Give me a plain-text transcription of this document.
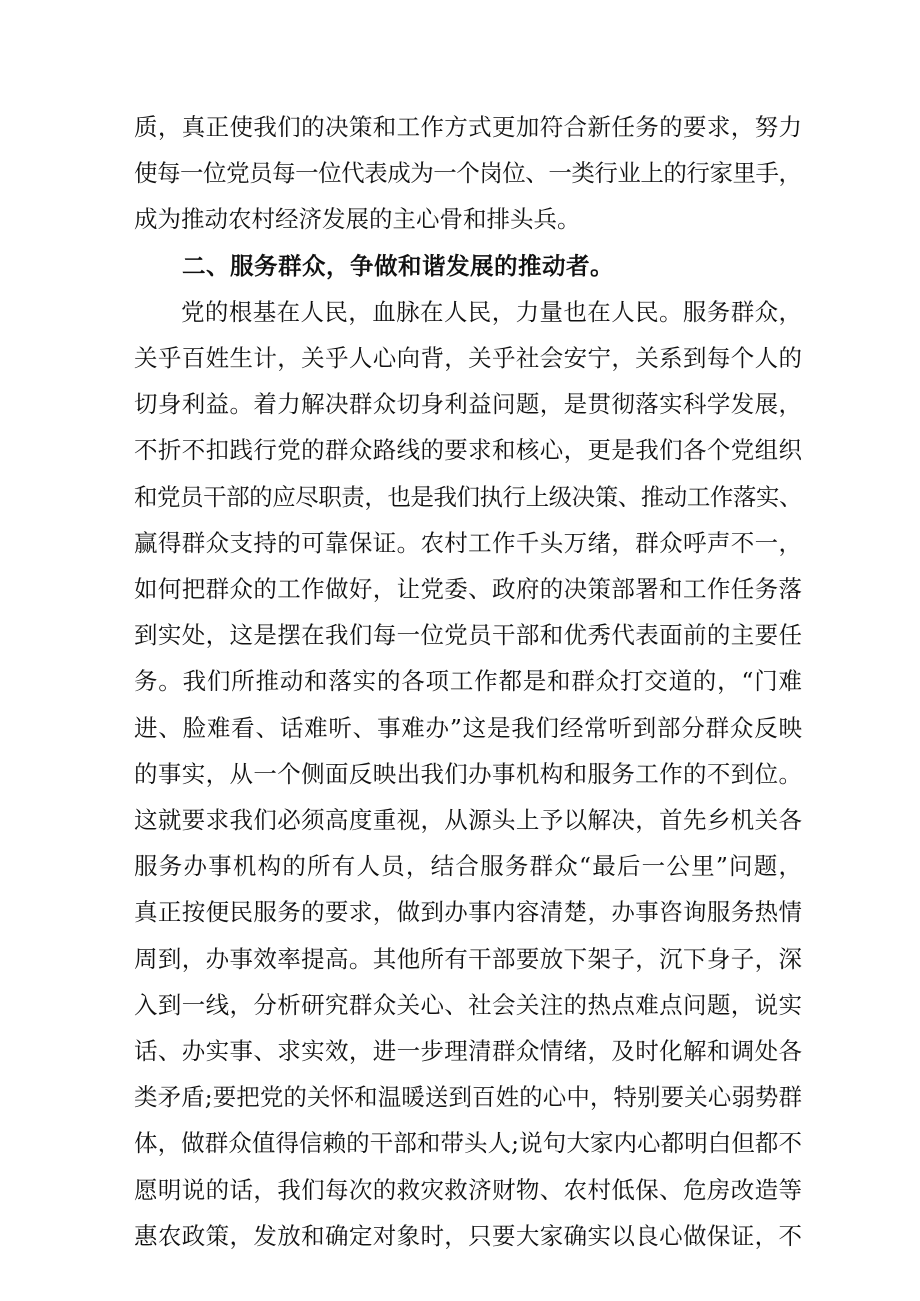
质，真正使我们的决策和工作方式更加符合新任务的要求，努力
使每一位党员每一位代表成为一个岗位、一类行业上的行家里手，
成为推动农村经济发展的主心骨和排头兵。

二、服务群众，争做和谐发展的推动者。

党的根基在人民，血脉在人民，力量也在人民。服务群众，
关乎百姓生计，关乎人心向背，关乎社会安宁，关系到每个人的
切身利益。着力解决群众切身利益问题，是贯彻落实科学发展，
不折不扣践行党的群众路线的要求和核心，更是我们各个党组织
和党员干部的应尽职责，也是我们执行上级决策、推动工作落实、
赢得群众支持的可靠保证。农村工作千头万绪，群众呼声不一，
如何把群众的工作做好，让党委、政府的决策部署和工作任务落
到实处，这是摆在我们每一位党员干部和优秀代表面前的主要任
务。我们所推动和落实的各项工作都是和群众打交道的，“门难
进、脸难看、话难听、事难办”这是我们经常听到部分群众反映
的事实，从一个侧面反映出我们办事机构和服务工作的不到位。
这就要求我们必须高度重视，从源头上予以解决，首先乡机关各
服务办事机构的所有人员，结合服务群众“最后一公里”问题，
真正按便民服务的要求，做到办事内容清楚，办事咨询服务热情
周到，办事效率提高。其他所有干部要放下架子，沉下身子，深
入到一线，分析研究群众关心、社会关注的热点难点问题，说实
话、办实事、求实效，进一步理清群众情绪，及时化解和调处各
类矛盾;要把党的关怀和温暖送到百姓的心中，特别要关心弱势群
体，做群众值得信赖的干部和带头人;说句大家内心都明白但都不
愿明说的话，我们每次的救灾救济财物、农村低保、危房改造等
惠农政策，发放和确定对象时，只要大家确实以良心做保证，不
